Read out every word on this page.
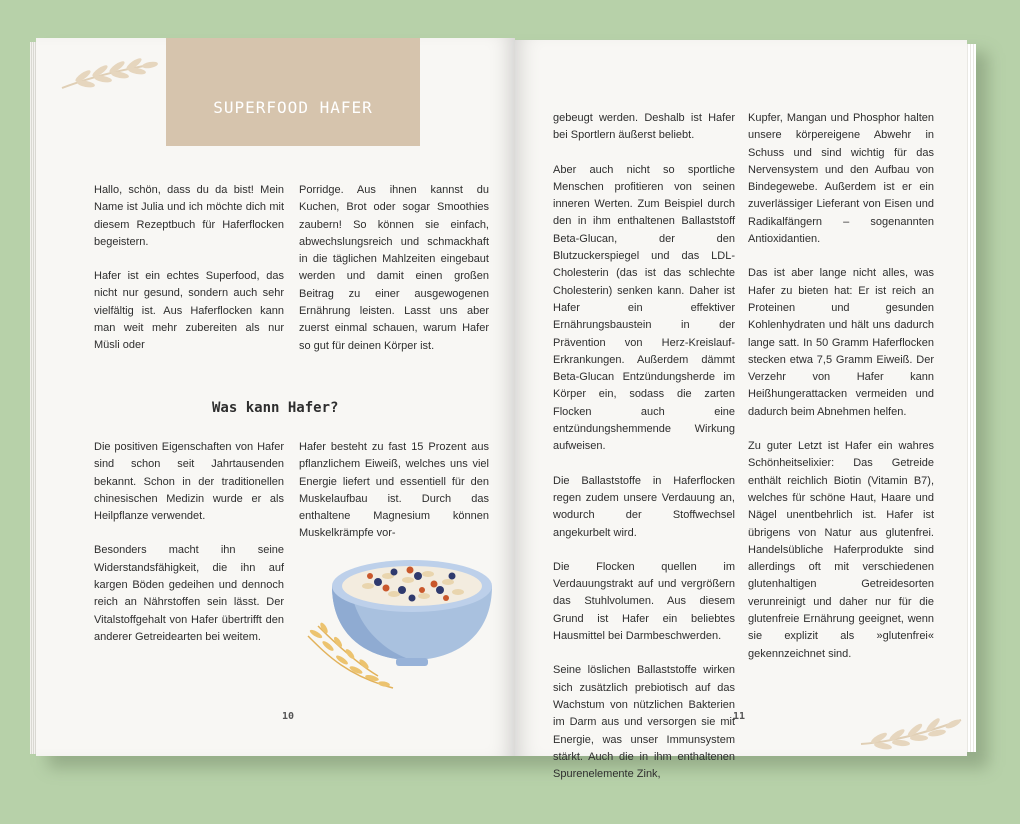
SUPERFOOD HAFER

Hallo, schön, dass du da bist! Mein Name ist Julia und ich möchte dich mit diesem Rezeptbuch für Haferflocken begeistern.

Hafer ist ein echtes Superfood, das nicht nur gesund, sondern auch sehr vielfältig ist. Aus Haferflocken kann man weit mehr zubereiten als nur Müsli oder

Porridge. Aus ihnen kannst du Kuchen, Brot oder sogar Smoothies zaubern! So können sie einfach, abwechslungsreich und schmackhaft in die täglichen Mahlzeiten eingebaut werden und damit einen großen Beitrag zu einer ausgewogenen Ernährung leisten. Lasst uns aber zuerst einmal schauen, warum Hafer so gut für deinen Körper ist.

Was kann Hafer?

Die positiven Eigenschaften von Hafer sind schon seit Jahrtausenden bekannt. Schon in der traditionellen chinesischen Medizin wurde er als Heilpflanze verwendet.

Besonders macht ihn seine Widerstandsfähigkeit, die ihn auf kargen Böden gedeihen und dennoch reich an Nährstoffen sein lässt. Der Vitalstoffgehalt von Hafer übertrifft den anderer Getreidearten bei weitem.

Hafer besteht zu fast 15 Prozent aus pflanzlichem Eiweiß, welches uns viel Energie liefert und essentiell für den Muskelaufbau ist. Durch das enthaltene Magnesium können Muskelkrämpfe vor-

10

gebeugt werden. Deshalb ist Hafer bei Sportlern äußerst beliebt.

Aber auch nicht so sportliche Menschen profitieren von seinen inneren Werten. Zum Beispiel durch den in ihm enthaltenen Ballaststoff Beta-Glucan, der den Blutzuckerspiegel und das LDL-Cholesterin (das ist das schlechte Cholesterin) senken kann. Daher ist Hafer ein effektiver Ernährungsbaustein in der Prävention von Herz-Kreislauf-Erkrankungen. Außerdem dämmt Beta-Glucan Entzündungsherde im Körper ein, sodass die zarten Flocken auch eine entzündungshemmende Wirkung aufweisen.

Die Ballaststoffe in Haferflocken regen zudem unsere Verdauung an, wodurch der Stoffwechsel angekurbelt wird.

Die Flocken quellen im Verdauungstrakt auf und vergrößern das Stuhlvolumen. Aus diesem Grund ist Hafer ein beliebtes Hausmittel bei Darmbeschwerden.

Seine löslichen Ballaststoffe wirken sich zusätzlich prebiotisch auf das Wachstum von nützlichen Bakterien im Darm aus und versorgen sie mit Energie, was unser Immunsystem stärkt. Auch die in ihm enthaltenen Spurenelemente Zink,

Kupfer, Mangan und Phosphor halten unsere körpereigene Abwehr in Schuss und sind wichtig für das Nervensystem und den Aufbau von Bindegewebe. Außerdem ist er ein zuverlässiger Lieferant von Eisen und Radikalfängern – sogenannten Antioxidantien.

Das ist aber lange nicht alles, was Hafer zu bieten hat: Er ist reich an Proteinen und gesunden Kohlenhydraten und hält uns dadurch lange satt. In 50 Gramm Haferflocken stecken etwa 7,5 Gramm Eiweiß. Der Verzehr von Hafer kann Heißhungerattacken vermeiden und dadurch beim Abnehmen helfen.

Zu guter Letzt ist Hafer ein wahres Schönheitselixier: Das Getreide enthält reichlich Biotin (Vitamin B7), welches für schöne Haut, Haare und Nägel unentbehrlich ist. Hafer ist übrigens von Natur aus glutenfrei. Handelsübliche Haferprodukte sind allerdings oft mit verschiedenen glutenhaltigen Getreidesorten verunreinigt und daher nur für die glutenfreie Ernährung geeignet, wenn sie explizit als »glutenfrei« gekennzeichnet sind.

11
